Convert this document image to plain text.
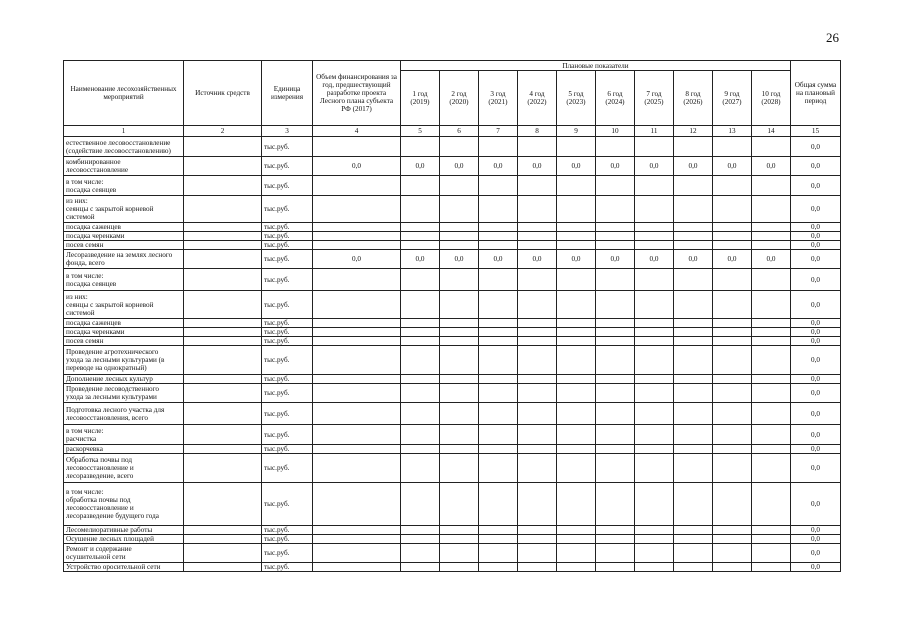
26
Наименование лесохозяйственных мероприятий	Источник средств	Единица измерения	Объем финансирования за год, предшествующий разработке проекта Лесного плана субъекта РФ (2017)	Плановые показатели										Общая сумма на плановый период
				1 год (2019)	2 год (2020)	3 год (2021)	4 год (2022)	5 год (2023)	6 год (2024)	7 год (2025)	8 год (2026)	9 год (2027)	10 год (2028)	
1	2	3	4	5	6	7	8	9	10	11	12	13	14	15
естественное лесовосстановление
(содействие лесовосстановлению)		тыс.руб.												0,0
комбинированное
лесовосстановление		тыс.руб.	0,0	0,0	0,0	0,0	0,0	0,0	0,0	0,0	0,0	0,0	0,0	0,0
в том числе:
посадка сеянцев		тыс.руб.												0,0
из них:
сеянцы с закрытой корневой
системой		тыс.руб.												0,0
посадка саженцев		тыс.руб.												0,0
посадка черенками		тыс.руб.												0,0
посев семян		тыс.руб.												0,0
Лесоразведение на землях лесного
фонда, всего		тыс.руб.	0,0	0,0	0,0	0,0	0,0	0,0	0,0	0,0	0,0	0,0	0,0	0,0
в том числе:
посадка сеянцев		тыс.руб.												0,0
из них:
сеянцы с закрытой корневой
системой		тыс.руб.												0,0
посадка саженцев		тыс.руб.												0,0
посадка черенками		тыс.руб.												0,0
посев семян		тыс.руб.												0,0
Проведение агротехнического
ухода за лесными культурами (в
переводе на однократный)		тыс.руб.												0,0
Дополнение лесных культур		тыс.руб.												0,0
Проведение лесоводственного
ухода за лесными культурами		тыс.руб.												0,0
Подготовка лесного участка для
лесовосстановления, всего		тыс.руб.												0,0
в том числе:
расчистка		тыс.руб.												0,0
раскорчевка		тыс.руб.												0,0
Обработка почвы под
лесовосстановление и
лесоразведение, всего		тыс.руб.												0,0
в том числе:
обработка почвы под
лесовосстановление и
лесоразведение будущего года		тыс.руб.												0,0
Лесомелиоративные работы		тыс.руб.												0,0
Осушение лесных площадей		тыс.руб.												0,0
Ремонт и содержание
осушительной сети		тыс.руб.												0,0
Устройство оросительной сети		тыс.руб.												0,0
